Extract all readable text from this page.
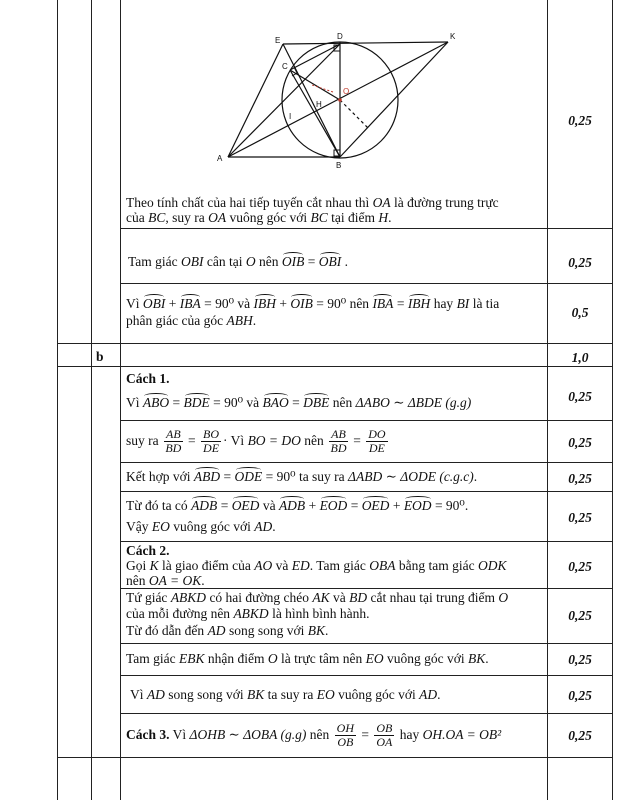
E	D	K
C
O
H
I
A
B
Theo tính chất của hai tiếp tuyến cắt nhau thì OA là đường trung trực
của BC, suy ra OA vuông góc với BC tại điểm H.
0,25
Tam giác OBI cân tại O nên OIB = OBI .	0,25
Vì OBI + IBA = 90⁰ và IBH + OIB = 90⁰ nên IBA = IBH hay BI là tia
phân giác của góc ABH.
0,5
b	1,0
Cách 1.
Vì ABO = BDE = 90⁰ và BAO = DBE nên ΔABO ∼ ΔBDE (g.g)	0,25
suy ra $\frac{AB}{BD} = \frac{BO}{DE}$ · Vì BO = DO nên $\frac{AB}{BD} = \frac{DO}{DE}$	0,25
Kết hợp với ABD = ODE = 90⁰ ta suy ra ΔABD ∼ ΔODE (c.g.c).	0,25
Từ đó ta có ADB = OED và ADB + EOD = OED + EOD = 90⁰.
Vậy EO vuông góc với AD.
0,25
Cách 2.
Gọi K là giao điểm của AO và ED. Tam giác OBA bằng tam giác ODK
nên OA = OK.
0,25
Tứ giác ABKD có hai đường chéo AK và BD cắt nhau tại trung điểm O
của mỗi đường nên ABKD là hình bình hành.
Từ đó dẫn đến AD song song với BK.
0,25
Tam giác EBK nhận điểm O là trực tâm nên EO vuông góc với BK.	0,25
Vì AD song song với BK ta suy ra EO vuông góc với AD.	0,25
Cách 3. Vì ΔOHB ∼ ΔOBA (g.g) nên $\frac{OH}{OB} = \frac{OB}{OA}$ hay OH.OA = OB²	0,25
